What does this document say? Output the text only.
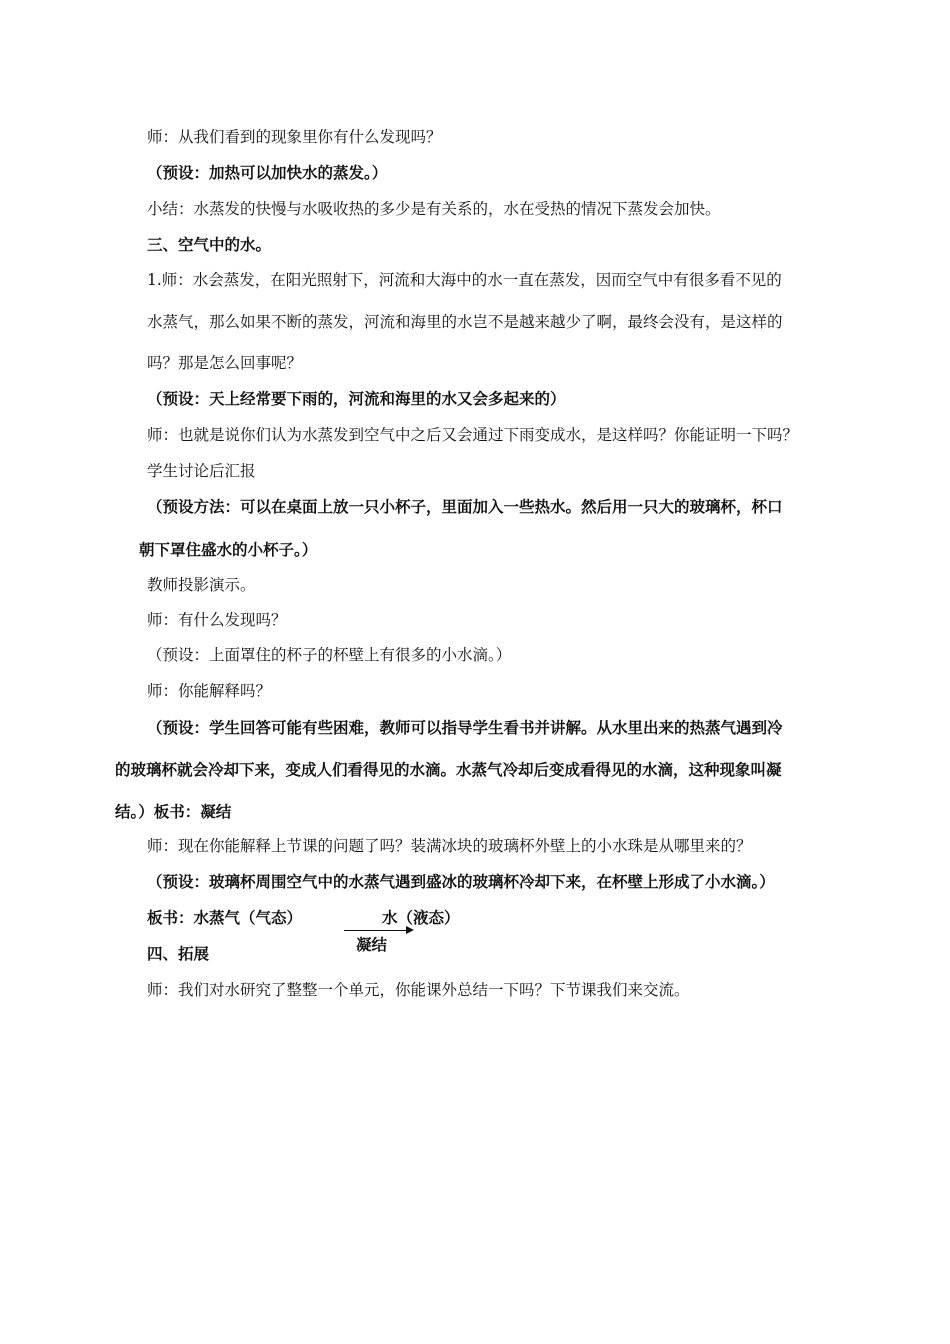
师：从我们看到的现象里你有什么发现吗？
（预设：加热可以加快水的蒸发。）
小结：水蒸发的快慢与水吸收热的多少是有关系的，水在受热的情况下蒸发会加快。
三、空气中的水。
1.师：水会蒸发，在阳光照射下，河流和大海中的水一直在蒸发，因而空气中有很多看不见的
水蒸气，那么如果不断的蒸发，河流和海里的水岂不是越来越少了啊，最终会没有，是这样的
吗？那是怎么回事呢？
（预设：天上经常要下雨的，河流和海里的水又会多起来的）
师：也就是说你们认为水蒸发到空气中之后又会通过下雨变成水，是这样吗？你能证明一下吗？
学生讨论后汇报
（预设方法：可以在桌面上放一只小杯子，里面加入一些热水。然后用一只大的玻璃杯，杯口
朝下罩住盛水的小杯子。）
教师投影演示。
师：有什么发现吗？
（预设：上面罩住的杯子的杯壁上有很多的小水滴。）
师：你能解释吗？
（预设：学生回答可能有些困难，教师可以指导学生看书并讲解。从水里出来的热蒸气遇到冷
的玻璃杯就会冷却下来，变成人们看得见的水滴。水蒸气冷却后变成看得见的水滴，这种现象叫凝
结。）板书：凝结
师：现在你能解释上节课的问题了吗？装满冰块的玻璃杯外壁上的小水珠是从哪里来的？
（预设：玻璃杯周围空气中的水蒸气遇到盛冰的玻璃杯冷却下来，在杯壁上形成了小水滴。）
板书：水蒸气（气态）	水（液态）
凝结
四、拓展
师：我们对水研究了整整一个单元，你能课外总结一下吗？下节课我们来交流。
